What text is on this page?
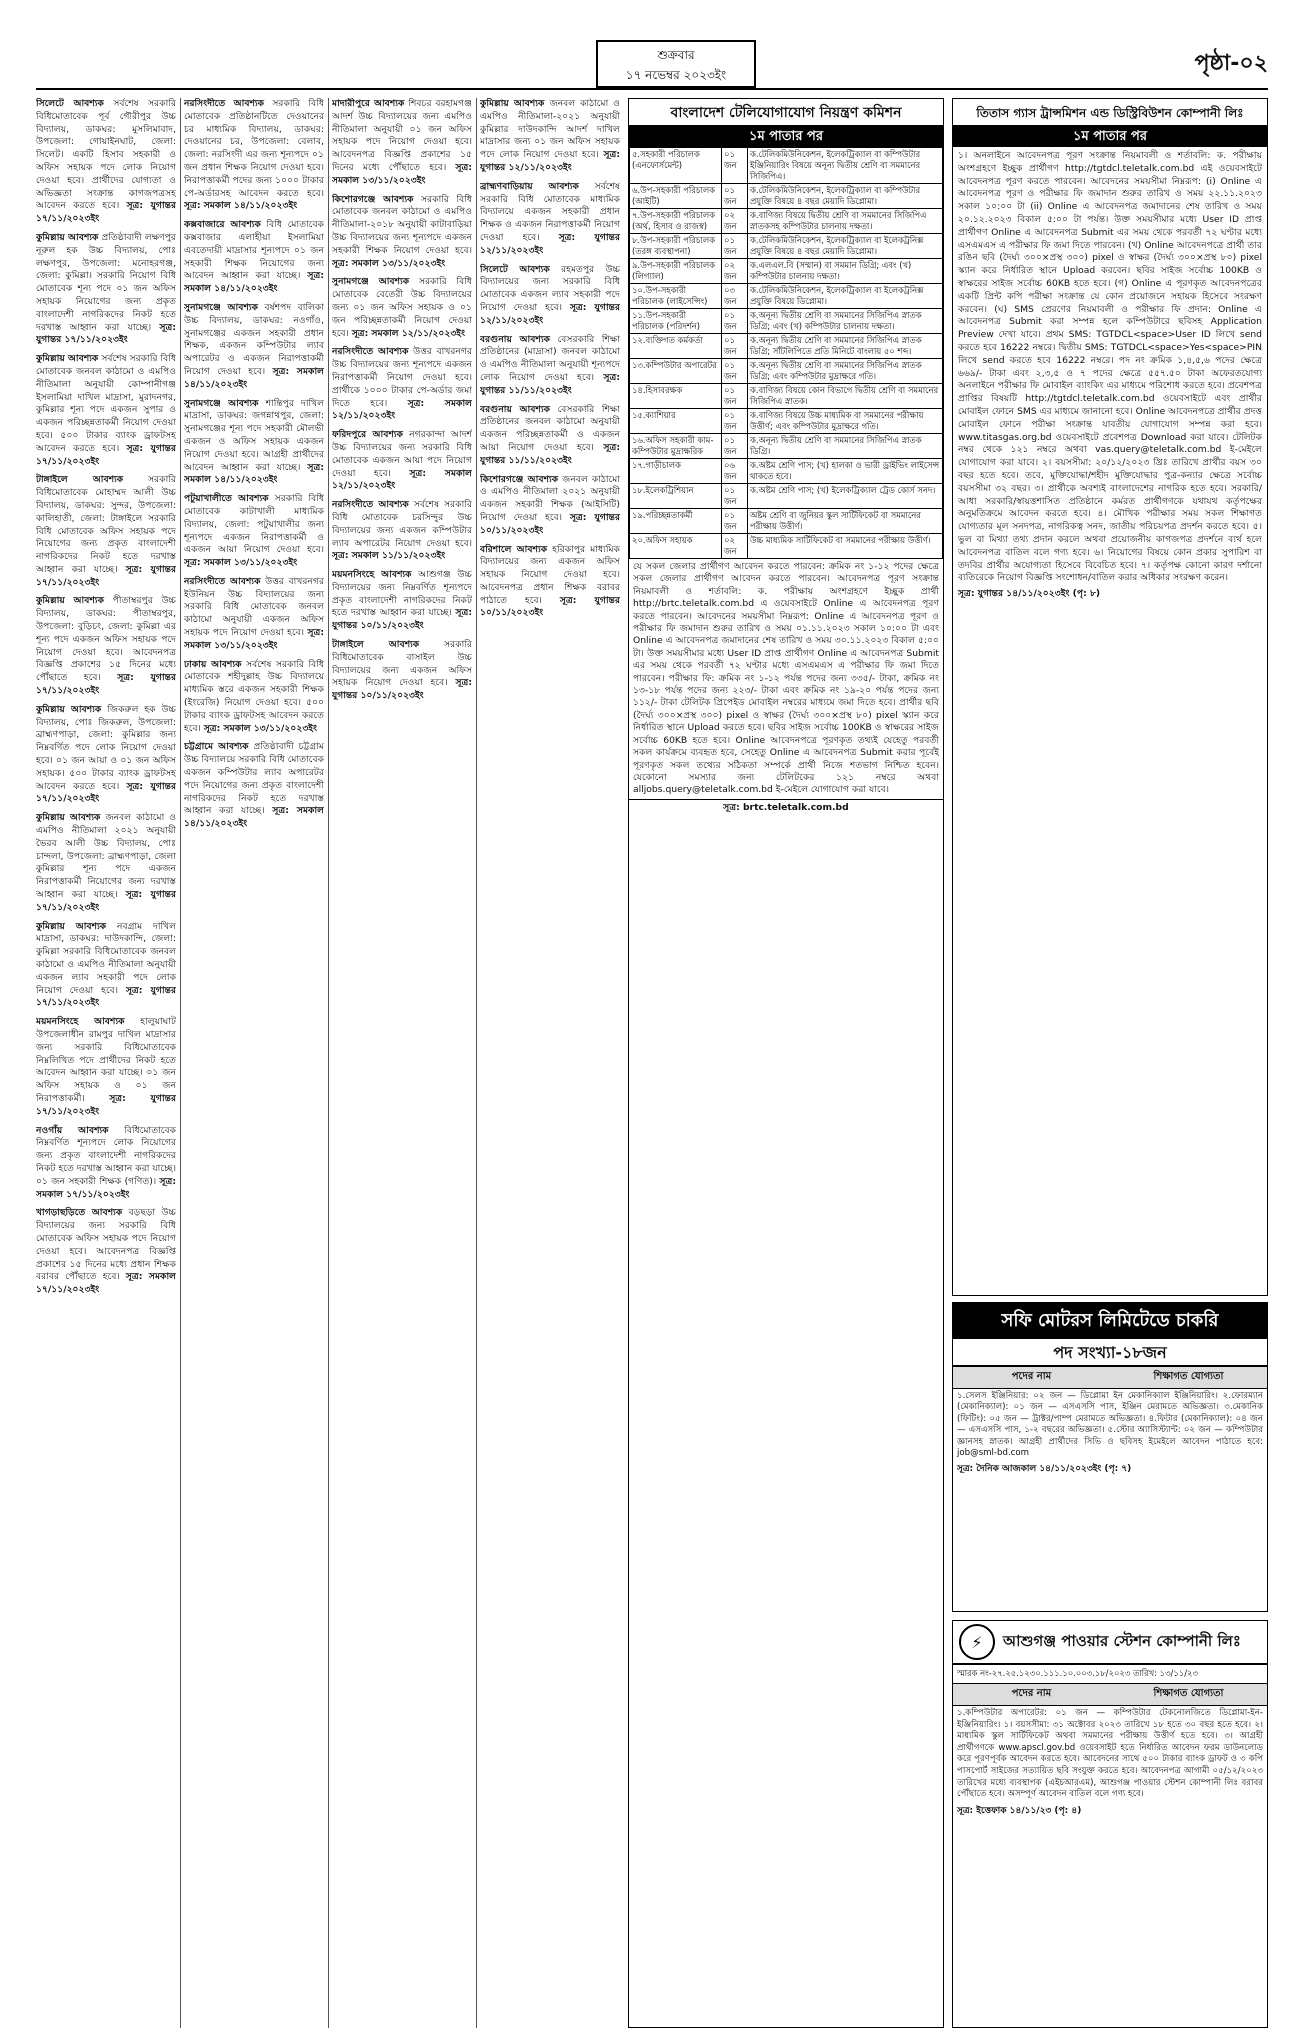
শুক্রবার
১৭ নভেম্বর ২০২৩ইং	পৃষ্ঠা-০২
সিলেটে আবশ্যক সর্বশেষ সরকারি বিধিমোতাবেক পূর্ব গৌরীপুর উচ্চ বিদ্যালয়, ডাকঘর: মুসলিমাবাদ, উপজেলা: গোয়াইনঘাট, জেলা: সিলেট। একটি হিসাব সহকারী ও অফিস সহায়ক পদে লোক নিয়োগ দেওয়া হবে। প্রার্থীদের যোগ্যতা ও অভিজ্ঞতা সংক্রান্ত কাগজপত্রসহ আবেদন করতে হবে। সূত্র: যুগান্তর ১৭/১১/২০২৩ইং
কুমিল্লায় আবশ্যক প্রতিষ্ঠাবাদী লক্ষণপুর নূরুল হক উচ্চ বিদ্যালয়, পোঃ লক্ষণপুর, উপজেলা: মনোহরগঞ্জ, জেলা: কুমিল্লা। সরকারি নিয়োগ বিধি মোতাবেক শূন্য পদে ০১ জন অফিস সহায়ক নিয়োগের জন্য প্রকৃত বাংলাদেশী নাগরিকদের নিকট হতে দরখাস্ত আহ্বান করা যাচ্ছে। সূত্র: যুগান্তর ১৭/১১/২০২৩ইং
কুমিল্লায় আবশ্যক সর্বশেষ সরকারি বিধি মোতাবেক জনবল কাঠামো ও এমপিও নীতিমালা অনুযায়ী কোম্পানীগঞ্জ ইসলামিয়া দাখিল মাদ্রাসা, মুরাদনগর, কুমিল্লার শূন্য পদে একজন সুপার ও একজন পরিচ্ছন্নতাকর্মী নিয়োগ দেওয়া হবে। ৫০০ টাকার ব্যাংক ড্রাফটসহ আবেদন করতে হবে। সূত্র: যুগান্তর ১৭/১১/২০২৩ইং
টাঙ্গাইলে আবশ্যক	সরকারি বিধিমোতাবেক মোহাম্মদ আলী উচ্চ বিদ্যালয়, ডাকঘর: সুন্দর, উপজেলা: কালিহাতী, জেলা: টাঙ্গাইলে সরকারি বিধি মোতাবেক অফিস সহায়ক পদে নিয়োগের জন্য প্রকৃত বাংলাদেশী নাগরিকদের নিকট হতে দরখাস্ত আহ্বান করা যাচ্ছে। সূত্র: যুগান্তর ১৭/১১/২০২৩ইং
কুমিল্লায় আবশ্যক পীতাম্বরপুর উচ্চ বিদ্যালয়, ডাকঘর: পীতাম্বরপুর, উপজেলা: বুড়িচং, জেলা: কুমিল্লা এর শূন্য পদে একজন অফিস সহায়ক পদে নিয়োগ দেওয়া হবে। আবেদনপত্র বিজ্ঞপ্তি প্রকাশের ১৫ দিনের মধ্যে পৌঁছাতে হবে। সূত্র: যুগান্তর ১৭/১১/২০২৩ইং
কুমিল্লায় আবশ্যক জিকরুল হক উচ্চ বিদ্যালয়, পোঃ জিকরুল, উপজেলা: ব্রাহ্মণপাড়া, জেলা: কুমিল্লার জন্য নিম্নবর্ণিত পদে লোক নিয়োগ দেওয়া হবে। ০১ জন আয়া ও ০১ জন অফিস সহায়ক। ৫০০ টাকার ব্যাংক ড্রাফটসহ আবেদন করতে হবে। সূত্র: যুগান্তর ১৭/১১/২০২৩ইং
কুমিল্লায় আবশ্যক জনবল কাঠামো ও এমপিও নীতিমালা ২০২১ অনুযায়ী ভৈরব আলী উচ্চ বিদ্যালয়, পোঃ চান্দলা, উপজেলা: ব্রাহ্মণপাড়া, জেলা কুমিল্লার শূন্য পদে একজন নিরাপত্তাকর্মী নিয়োগের জন্য দরখাস্ত আহ্বান করা যাচ্ছে। সূত্র: যুগান্তর ১৭/১১/২০২৩ইং
কুমিল্লায় আবশ্যক নবগ্রাম দাখিল মাদ্রাসা, ডাকঘর: দাউদকান্দি, জেলা: কুমিল্লা সরকারি বিধিমোতাবেক জনবল কাঠামো ও এমপিও নীতিমালা অনুযায়ী একজন ল্যাব সহকারী পদে লোক নিয়োগ দেওয়া হবে। সূত্র: যুগান্তর ১৭/১১/২০২৩ইং
ময়মনসিংহে আবশ্যক হালুয়াঘাট উপজেলাধীন রামপুর দাখিল মাদ্রাসার জন্য সরকারি বিধিমোতাবেক নিম্নলিখিত পদে প্রার্থীদের নিকট হতে আবেদন আহ্বান করা যাচ্ছে। ০১ জন অফিস সহায়ক ও ০১ জন নিরাপত্তাকর্মী।	সূত্র: যুগান্তর ১৭/১১/২০২৩ইং
নওগাঁয় আবশ্যক বিধিমোতাবেক নিম্নবর্ণিত শূন্যপদে লোক নিয়োগের জন্য প্রকৃত বাংলাদেশী নাগরিকদের নিকট হতে দরখাস্ত আহ্বান করা যাচ্ছে। ০১ জন সহকারী শিক্ষক (গণিত)। সূত্র: সমকাল ১৭/১১/২০২৩ইং
খাগড়াছড়িতে আবশ্যক বড়ছড়া উচ্চ বিদ্যালয়ের জন্য সরকারি বিধি মোতাবেক অফিস সহায়ক পদে নিয়োগ দেওয়া হবে। আবেদনপত্র বিজ্ঞপ্তি প্রকাশের ১৫ দিনের মধ্যে প্রধান শিক্ষক বরাবর পৌঁছাতে হবে। সূত্র: সমকাল ১৭/১১/২০২৩ইং
নরসিংদীতে আবশ্যক সরকারি বিধি মোতাবেক প্রতিষ্ঠানটিতে দেওয়ানের চর মাধ্যমিক বিদ্যালয়, ডাকঘর: দেওয়ানের চর, উপজেলা: বেলাব, জেলা: নরসিংদী এর জন্য শূন্যপদে ০১ জন প্রধান শিক্ষক নিয়োগ দেওয়া হবে। নিরাপত্তাকর্মী পদের জন্য ১০০০ টাকার পে-অর্ডারসহ আবেদন করতে হবে। সূত্র: সমকাল ১৪/১১/২০২৩ইং
কক্সবাজারে আবশ্যক বিধি মোতাবেক কক্সবাজার এলাহীয়া ইসলামিয়া এবতেদায়ী মাদ্রাসার শূন্যপদে ০১ জন সহকারী শিক্ষক নিয়োগের জন্য আবেদন আহ্বান করা যাচ্ছে। সূত্র: সমকাল ১৪/১১/২০২৩ইং
সুনামগঞ্জে আবশ্যক বর্ষশপদ বালিকা উচ্চ বিদ্যালয়, ডাকঘর: নওগাঁও, সুনামগঞ্জের একজন সহকারী প্রধান শিক্ষক, একজন কম্পিউটার ল্যাব অপারেটর ও একজন নিরাপত্তাকর্মী নিয়োগ দেওয়া হবে। সূত্র: সমকাল ১৪/১১/২০২৩ইং
সুনামগঞ্জে আবশ্যক শান্তিপুর দাখিল মাদ্রাসা, ডাকঘর: জগন্নাথপুর, জেলা: সুনামগঞ্জের শূন্য পদে সহকারী মৌলভী একজন ও অফিস সহায়ক একজন নিয়োগ দেওয়া হবে। আগ্রহী প্রার্থীদের আবেদন আহ্বান করা যাচ্ছে। সূত্র: সমকাল ১৪/১১/২০২৩ইং
পটুয়াখালীতে আবশ্যক সরকারি বিধি মোতাবেক কাটাখালী মাধ্যমিক বিদ্যালয়, জেলা: পটুয়াখালীর জন্য শূন্যপদে একজন নিরাপত্তাকর্মী ও একজন আয়া নিয়োগ দেওয়া হবে। সূত্র: সমকাল ১৩/১১/২০২৩ইং
নরসিংদীতে আবশ্যক উত্তর বাখরনগর ইউনিয়ন উচ্চ বিদ্যালয়ের জন্য সরকারি বিধি মোতাবেক জনবল কাঠামো অনুযায়ী একজন অফিস সহায়ক পদে নিয়োগ দেওয়া হবে। সূত্র: সমকাল ১৩/১১/২০২৩ইং
ঢাকায় আবশ্যক সর্বশেষ সরকারি বিধি মোতাবেক শহীদুল্লাহ উচ্চ বিদ্যালয়ে মাধ্যমিক স্তরে একজন সহকারী শিক্ষক (ইংরেজি) নিয়োগ দেওয়া হবে। ৫০০ টাকার ব্যাংক ড্রাফটসহ আবেদন করতে হবে। সূত্র: সমকাল ১৩/১১/২০২৩ইং
চট্টগ্রামে আবশ্যক প্রতিষ্ঠাবাদী চট্টগ্রাম উচ্চ বিদ্যালয়ে সরকারি বিধি মোতাবেক একজন কম্পিউটার ল্যাব অপারেটর পদে নিয়োগের জন্য প্রকৃত বাংলাদেশী নাগরিকদের নিকট হতে দরখাস্ত আহ্বান করা যাচ্ছে। সূত্র: সমকাল ১৪/১১/২০২৩ইং
মাদারীপুরে আবশ্যক শিবচর বরহামগঞ্জ আদর্শ উচ্চ বিদ্যালয়ের জন্য এমপিও নীতিমালা অনুযায়ী ০১ জন অফিস সহায়ক পদে নিয়োগ দেওয়া হবে। আবেদনপত্র বিজ্ঞপ্তি প্রকাশের ১৫ দিনের মধ্যে পৌঁছাতে হবে। সূত্র: সমকাল ১৩/১১/২০২৩ইং
কিশোরগঞ্জে আবশ্যক সরকারি বিধি মোতাবেক জনবল কাঠামো ও এমপিও নীতিমালা-২০১৮ অনুযায়ী কাটাবাড়িয়া উচ্চ বিদ্যালয়ের জন্য শূন্যপদে একজন সহকারী শিক্ষক নিয়োগ দেওয়া হবে। সূত্র: সমকাল ১৩/১১/২০২৩ইং
সুনামগঞ্জে আবশ্যক সরকারি বিধি মোতাবেক বেতেরী উচ্চ বিদ্যালয়ের জন্য ০১ জন অফিস সহায়ক ও ০১ জন পরিচ্ছন্নতাকর্মী নিয়োগ দেওয়া হবে। সূত্র: সমকাল ১২/১১/২০২৩ইং
নরসিংদীতে আবশ্যক উত্তর বাখরনগর উচ্চ বিদ্যালয়ের জন্য শূন্যপদে একজন নিরাপত্তাকর্মী নিয়োগ দেওয়া হবে। প্রার্থীকে ১০০০ টাকার পে-অর্ডার জমা দিতে হবে। সূত্র: সমকাল ১২/১১/২০২৩ইং
ফরিদপুরে আবশ্যক নগরকান্দা আদর্শ উচ্চ বিদ্যালয়ের জন্য সরকারি বিধি মোতাবেক একজন আয়া পদে নিয়োগ দেওয়া হবে। সূত্র: সমকাল ১২/১১/২০২৩ইং
নরসিংদীতে আবশ্যক সর্বশেষ সরকারি বিধি মোতাবেক চরসিন্দুর উচ্চ বিদ্যালয়ের জন্য একজন কম্পিউটার ল্যাব অপারেটর নিয়োগ দেওয়া হবে। সূত্র: সমকাল ১১/১১/২০২৩ইং
ময়মনসিংহে আবশ্যক আশুগঞ্জ উচ্চ বিদ্যালয়ের জন্য নিম্নবর্ণিত শূন্যপদে প্রকৃত বাংলাদেশী নাগরিকদের নিকট হতে দরখাস্ত আহ্বান করা যাচ্ছে। সূত্র: যুগান্তর ১০/১১/২০২৩ইং
টাঙ্গাইলে আবশ্যক	সরকারি বিধিমোতাবেক বাসাইল উচ্চ বিদ্যালয়ের জন্য একজন অফিস সহায়ক নিয়োগ দেওয়া হবে। সূত্র: যুগান্তর ১০/১১/২০২৩ইং
কুমিল্লায় আবশ্যক জনবল কাঠামো ও এমপিও নীতিমালা-২০২১ অনুযায়ী কুমিল্লার দাউদকান্দি আদর্শ দাখিল মাদ্রাসার জন্য ০১ জন অফিস সহায়ক পদে লোক নিয়োগ দেওয়া হবে। সূত্র: যুগান্তর ১২/১১/২০২৩ইং
ব্রাহ্মণবাড়িয়ায় আবশ্যক সর্বশেষ সরকারি বিধি মোতাবেক মাধ্যমিক বিদ্যালয়ে একজন সহকারী প্রধান শিক্ষক ও একজন নিরাপত্তাকর্মী নিয়োগ দেওয়া হবে। সূত্র: যুগান্তর ১২/১১/২০২৩ইং
সিলেটে আবশ্যক রহমতপুর উচ্চ বিদ্যালয়ের জন্য সরকারি বিধি মোতাবেক একজন ল্যাব সহকারী পদে নিয়োগ দেওয়া হবে। সূত্র: যুগান্তর ১২/১১/২০২৩ইং
বরগুনায় আবশ্যক বেসরকারি শিক্ষা প্রতিষ্ঠানের (মাদ্রাসা) জনবল কাঠামো ও এমপিও নীতিমালা অনুযায়ী শূন্যপদে লোক নিয়োগ দেওয়া হবে। সূত্র: যুগান্তর ১১/১১/২০২৩ইং
বরগুনায় আবশ্যক বেসরকারি শিক্ষা প্রতিষ্ঠানের জনবল কাঠামো অনুযায়ী একজন পরিচ্ছন্নতাকর্মী ও একজন আয়া নিয়োগ দেওয়া হবে। সূত্র: যুগান্তর ১১/১১/২০২৩ইং
কিশোরগঞ্জে আবশ্যক জনবল কাঠামো ও এমপিও নীতিমালা ২০২১ অনুযায়ী একজন সহকারী শিক্ষক (আইসিটি) নিয়োগ দেওয়া হবে। সূত্র: যুগান্তর ১০/১১/২০২৩ইং
বরিশালে আবশ্যক হরিকাপুর মাধ্যমিক বিদ্যালয়ের জন্য একজন অফিস সহায়ক নিয়োগ দেওয়া হবে। আবেদনপত্র প্রধান শিক্ষক বরাবর পাঠাতে হবে। সূত্র: যুগান্তর ১০/১১/২০২৩ইং
বাংলাদেশ টেলিযোগাযোগ নিয়ন্ত্রণ কমিশন
১ম পাতার পর
৫.সহকারী পরিচালক (এনফোর্সমেন্ট)	০১ জন	ক.টেলিকমিউনিকেশন, ইলেকট্রিক্যাল বা কম্পিউটার ইঞ্জিনিয়ারিং বিষয়ে অনূন্য দ্বিতীয় শ্রেণি বা সমমানের সিজিপিএ।
৬.উপ-সহকারী পরিচালক (আইটি)	০১ জন	ক.টেলিকমিউনিকেশন, ইলেকট্রিক্যাল বা কম্পিউটার প্রযুক্তি বিষয়ে ৪ বছর মেয়াদি ডিপ্লোমা।
৭.উপ-সহকারী পরিচালক (অর্থ, হিসাব ও রাজস্ব)	০২ জন	ক.বাণিজ্য বিষয়ে দ্বিতীয় শ্রেণি বা সমমানের সিজিপিএ স্নাতকসহ কম্পিউটার চালনায় দক্ষতা।
৮.উপ-সহকারী পরিচালক (তরঙ্গ ব্যবস্থাপনা)	০১ জন	ক.টেলিকমিউনিকেশন, ইলেকট্রিক্যাল বা ইলেকট্রনিক্স প্রযুক্তি বিষয়ে ৪ বছর মেয়াদি ডিপ্লোমা।
৯.উপ-সহকারী পরিচালক (লিগ্যাল)	০২ জন	ক.এলএল.বি (সম্মান) বা সমমান ডিগ্রি; এবং (খ) কম্পিউটার চালনায় দক্ষতা।
১০.উপ-সহকারী পরিচালক (লাইসেন্সিং)	০৩ জন	ক.টেলিকমিউনিকেশন, ইলেকট্রিক্যাল বা ইলেকট্রনিক্স প্রযুক্তি বিষয়ে ডিপ্লোমা।
১১.উপ-সহকারী পরিচালক (পরিদর্শন)	০১ জন	ক.অনূন্য দ্বিতীয় শ্রেণি বা সমমানের সিজিপিএ স্নাতক ডিগ্রি; এবং (খ) কম্পিউটার চালনায় দক্ষতা।
১২.ব্যক্তিগত কর্মকর্তা	০১ জন	ক.অনূন্য দ্বিতীয় শ্রেণি বা সমমানের সিজিপিএ স্নাতক ডিগ্রি; সাঁটলিপিতে প্রতি মিনিটে বাংলায় ৫০ শব্দ।
১৩.কম্পিউটার অপারেটর	০১ জন	ক.অনূন্য দ্বিতীয় শ্রেণি বা সমমানের সিজিপিএ স্নাতক ডিগ্রি; এবং কম্পিউটার মুদ্রাক্ষরে গতি।
১৪.হিসাবরক্ষক	০১ জন	ক.বাণিজ্য বিষয়ে কোন বিভাগে দ্বিতীয় শ্রেণি বা সমমানের সিজিপিএ স্নাতক।
১৫.ক্যাশিয়ার	০১ জন	ক.বাণিজ্য বিষয়ে উচ্চ মাধ্যমিক বা সমমানের পরীক্ষায় উত্তীর্ণ; এবং কম্পিউটার মুদ্রাক্ষরে গতি।
১৬.অফিস সহকারী কাম-কম্পিউটার মুদ্রাক্ষরিক	০১ জন	ক.অনূন্য দ্বিতীয় শ্রেণি বা সমমানের সিজিপিএ স্নাতক ডিগ্রি।
১৭.গাড়ীচালক	০৬ জন	ক.অষ্টম শ্রেণি পাস; (খ) হালকা ও ভারী ড্রাইভিং লাইসেন্স থাকতে হবে।
১৮.ইলেকট্রিশিয়ান	০১ জন	ক.অষ্টম শ্রেণি পাস; (খ) ইলেকট্রিক্যাল ট্রেড কোর্স সনদ।
১৯.পরিচ্ছন্নতাকর্মী	০১ জন	অষ্টম শ্রেণি বা জুনিয়র স্কুল সার্টিফিকেট বা সমমানের পরীক্ষায় উত্তীর্ণ।
২০.অফিস সহায়ক	০২ জন	উচ্চ মাধ্যমিক সার্টিফিকেট বা সমমানের পরীক্ষায় উত্তীর্ণ।
যে সকল জেলার প্রার্থীগণ আবেদন করতে পারবেন: ক্রমিক নং ১-১২ পদের ক্ষেত্রে সকল জেলার প্রার্থীগণ আবেদন করতে পারবেন। আবেদনপত্র পূরণ সংক্রান্ত নিয়মাবলী ও শর্তাবলি: ক. পরীক্ষায় অংশগ্রহণে ইচ্ছুক প্রার্থী http://brtc.teletalk.com.bd এ ওয়েবসাইটে Online এ আবেদনপত্র পূরণ করতে পারবেন। আবেদনের সময়সীমা নিম্নরূপ: Online এ আবেদনপত্র পূরণ ও পরীক্ষার ফি জমাদান শুরুর তারিখ ও সময় ০১.১১.২০২৩ সকাল ১০:০০ টা এবং Online এ আবেদনপত্র জমাদানের শেষ তারিখ ও সময় ৩০.১১.২০২৩ বিকাল ৫:০০ টা। উক্ত সময়সীমার মধ্যে User ID প্রাপ্ত প্রার্থীগণ Online এ আবেদনপত্র Submit এর সময় থেকে পরবর্তী ৭২ ঘণ্টার মধ্যে এসএমএস এ পরীক্ষার ফি জমা দিতে পারবেন। পরীক্ষার ফি: ক্রমিক নং ১-১২ পর্যন্ত পদের জন্য ৩৩৫/- টাকা, ক্রমিক নং ১৩-১৮ পর্যন্ত পদের জন্য ২২৩/- টাকা এবং ক্রমিক নং ১৯-২০ পর্যন্ত পদের জন্য ১১২/- টাকা টেলিটক প্রিপেইড মোবাইল নম্বরের মাধ্যমে জমা দিতে হবে। প্রার্থীর ছবি (দৈর্ঘ্য ৩০০×প্রস্থ ৩০০) pixel ও স্বাক্ষর (দৈর্ঘ্য ৩০০×প্রস্থ ৮০) pixel স্ক্যান করে নির্ধারিত স্থানে Upload করতে হবে। ছবির সাইজ সর্বোচ্চ 100KB ও স্বাক্ষরের সাইজ সর্বোচ্চ 60KB হতে হবে। Online আবেদনপত্রে পূরণকৃত তথ্যই যেহেতু পরবর্তী সকল কার্যক্রমে ব্যবহৃত হবে, সেহেতু Online এ আবেদনপত্র Submit করার পূর্বেই পূরণকৃত সকল তথ্যের সঠিকতা সম্পর্কে প্রার্থী নিজে শতভাগ নিশ্চিত হবেন। যেকোনো সমস্যার জন্য টেলিটকের ১২১ নম্বরে অথবা alljobs.query@teletalk.com.bd ই-মেইলে যোগাযোগ করা যাবে।
সূত্র: brtc.teletalk.com.bd
তিতাস গ্যাস ট্রান্সমিশন এন্ড ডিস্ট্রিবিউশন কোম্পানী লিঃ
১ম পাতার পর
১। অনলাইনে আবেদনপত্র পূরণ সংক্রান্ত নিয়মাবলী ও শর্তাবলি: ক. পরীক্ষায় অংশগ্রহণে ইচ্ছুক প্রার্থীগণ http://tgtdcl.teletalk.com.bd এই ওয়েবসাইটে আবেদনপত্র পূরণ করতে পারবেন। আবেদনের সময়সীমা নিম্নরূপ: (i) Online এ আবেদনপত্র পূরণ ও পরীক্ষার ফি জমাদান শুরুর তারিখ ও সময় ২২.১১.২০২৩ সকাল ১০:০০ টা (ii) Online এ আবেদনপত্র জমাদানের শেষ তারিখ ও সময় ২০.১২.২০২৩ বিকাল ৫:০০ টা পর্যন্ত। উক্ত সময়সীমার মধ্যে User ID প্রাপ্ত প্রার্থীগণ Online এ আবেদনপত্র Submit এর সময় থেকে পরবর্তী ৭২ ঘণ্টার মধ্যে এসএমএস এ পরীক্ষার ফি জমা দিতে পারবেন। (খ) Online আবেদনপত্রে প্রার্থী তার রঙিন ছবি (দৈর্ঘ্য ৩০০×প্রস্থ ৩০০) pixel ও স্বাক্ষর (দৈর্ঘ্য ৩০০×প্রস্থ ৮০) pixel স্ক্যান করে নির্ধারিত স্থানে Upload করবেন। ছবির সাইজ সর্বোচ্চ 100KB ও স্বাক্ষরের সাইজ সর্বোচ্চ 60KB হতে হবে। (গ) Online এ পূরণকৃত আবেদনপত্রের একটি প্রিন্ট কপি পরীক্ষা সংক্রান্ত যে কোন প্রয়োজনে সহায়ক হিসেবে সংরক্ষণ করবেন। (ঘ) SMS প্রেরণের নিয়মাবলী ও পরীক্ষার ফি প্রদান: Online এ আবেদনপত্র Submit করা সম্পন্ন হলে কম্পিউটারে ছবিসহ Application Preview দেখা যাবে। প্রথম SMS: TGTDCL<space>User ID লিখে send করতে হবে 16222 নম্বরে। দ্বিতীয় SMS: TGTDCL<space>Yes<space>PIN লিখে send করতে হবে 16222 নম্বরে। পদ নং ক্রমিক ১,৪,৫,৬ পদের ক্ষেত্রে ৬৬৯/- টাকা এবং ২,৩,৫ ও ৭ পদের ক্ষেত্রে ৫৫৭.৫০ টাকা অফেরতযোগ্য অনলাইনে পরীক্ষার ফি মোবাইল ব্যাংকিং এর মাধ্যমে পরিশোধ করতে হবে। প্রবেশপত্র প্রাপ্তির বিষয়টি http://tgtdcl.teletalk.com.bd ওয়েবসাইটে এবং প্রার্থীর মোবাইল ফোনে SMS এর মাধ্যমে জানানো হবে। Online আবেদনপত্রে প্রার্থীর প্রদত্ত মোবাইল ফোনে পরীক্ষা সংক্রান্ত যাবতীয় যোগাযোগ সম্পন্ন করা হবে। www.titasgas.org.bd ওয়েবসাইটে প্রবেশপত্র Download করা যাবে। টেলিটক নম্বর থেকে ১২১ নম্বরে অথবা vas.query@teletalk.com.bd ই-মেইলে যোগাযোগ করা যাবে। ২। বয়সসীমা: ২০/১২/২০২৩ খ্রিঃ তারিখে প্রার্থীর বয়স ৩০ বছর হতে হবে। তবে, মুক্তিযোদ্ধা/শহীদ মুক্তিযোদ্ধার পুত্র-কন্যার ক্ষেত্রে সর্বোচ্চ বয়সসীমা ৩২ বছর। ৩। প্রার্থীকে অবশ্যই বাংলাদেশের নাগরিক হতে হবে। সরকারি/আধা সরকারি/স্বায়ত্তশাসিত প্রতিষ্ঠানে কর্মরত প্রার্থীগণকে যথাযথ কর্তৃপক্ষের অনুমতিক্রমে আবেদন করতে হবে। ৪। মৌখিক পরীক্ষার সময় সকল শিক্ষাগত যোগ্যতার মূল সনদপত্র, নাগরিকত্ব সনদ, জাতীয় পরিচয়পত্র প্রদর্শন করতে হবে। ৫। ভুল বা মিথ্যা তথ্য প্রদান করলে অথবা প্রয়োজনীয় কাগজপত্র প্রদর্শনে ব্যর্থ হলে আবেদনপত্র বাতিল বলে গণ্য হবে। ৬। নিয়োগের বিষয়ে কোন প্রকার সুপারিশ বা তদবির প্রার্থীর অযোগ্যতা হিসেবে বিবেচিত হবে। ৭। কর্তৃপক্ষ কোনো কারণ দর্শানো ব্যতিরেকে নিয়োগ বিজ্ঞপ্তি সংশোধন/বাতিল করার অধিকার সংরক্ষণ করেন।
সূত্র: যুগান্তর ১৪/১১/২০২৩ইং (পৃ: ৮)
সফি মোটরস লিমিটেডে চাকরি
পদ সংখ্যা-১৮জন
পদের নাম	শিক্ষাগত যোগ্যতা
১.সেলস ইঞ্জিনিয়ার: ০২ জন — ডিপ্লোমা ইন মেকানিক্যাল ইঞ্জিনিয়ারিং। ২.ফোরম্যান (মেকানিক্যাল): ০১ জন — এসএসসি পাস, ইঞ্জিন মেরামতে অভিজ্ঞতা। ৩.মেকানিক (ফিটিং): ০৫ জন — ট্রাক্টর/পাম্প মেরামতে অভিজ্ঞতা। ৪.ফিটার (মেকানিক্যাল): ০৪ জন — এসএসসি পাস, ১-২ বছরের অভিজ্ঞতা। ৫.স্টোর অ্যাসিস্ট্যান্ট: ০২ জন — কম্পিউটার জ্ঞানসহ স্নাতক। আগ্রহী প্রার্থীদের সিভি ও ছবিসহ ইমেইলে আবেদন পাঠাতে হবে: job@sml-bd.com
সূত্র: দৈনিক আজকাল ১৪/১১/২০২৩ইং (পৃ: ৭)
⚡	আশুগঞ্জ পাওয়ার স্টেশন কোম্পানী লিঃ
স্মারক নং-২৭.২৫.১২৩০.১১১.১০.০০৩.১৮/২০২৩ তারিখ: ১৩/১১/২৩
পদের নাম	শিক্ষাগত যোগ্যতা
১.কম্পিউটার অপারেটর: ০১ জন — কম্পিউটার টেকনোলজিতে ডিপ্লোমা-ইন-ইঞ্জিনিয়ারিং। ১। বয়সসীমা: ৩১ অক্টোবর ২০২৩ তারিখে ১৮ হতে ৩০ বছর হতে হবে। ২। মাধ্যমিক স্কুল সার্টিফিকেট অথবা সমমানের পরীক্ষায় উত্তীর্ণ হতে হবে। ৩। আগ্রহী প্রার্থীগণকে www.apscl.gov.bd ওয়েবসাইট হতে নির্ধারিত আবেদন ফরম ডাউনলোড করে পূরণপূর্বক আবেদন করতে হবে। আবেদনের সাথে ৫০০ টাকার ব্যাংক ড্রাফট ও ৩ কপি পাসপোর্ট সাইজের সত্যায়িত ছবি সংযুক্ত করতে হবে। আবেদনপত্র আগামী ০৫/১২/২০২৩ তারিখের মধ্যে ব্যবস্থাপক (এইচআরএম), আশুগঞ্জ পাওয়ার স্টেশন কোম্পানী লিঃ বরাবর পৌঁছাতে হবে। অসম্পূর্ণ আবেদন বাতিল বলে গণ্য হবে।
সূত্র: ইত্তেফাক ১৪/১১/২৩ (পৃ: ৪)
